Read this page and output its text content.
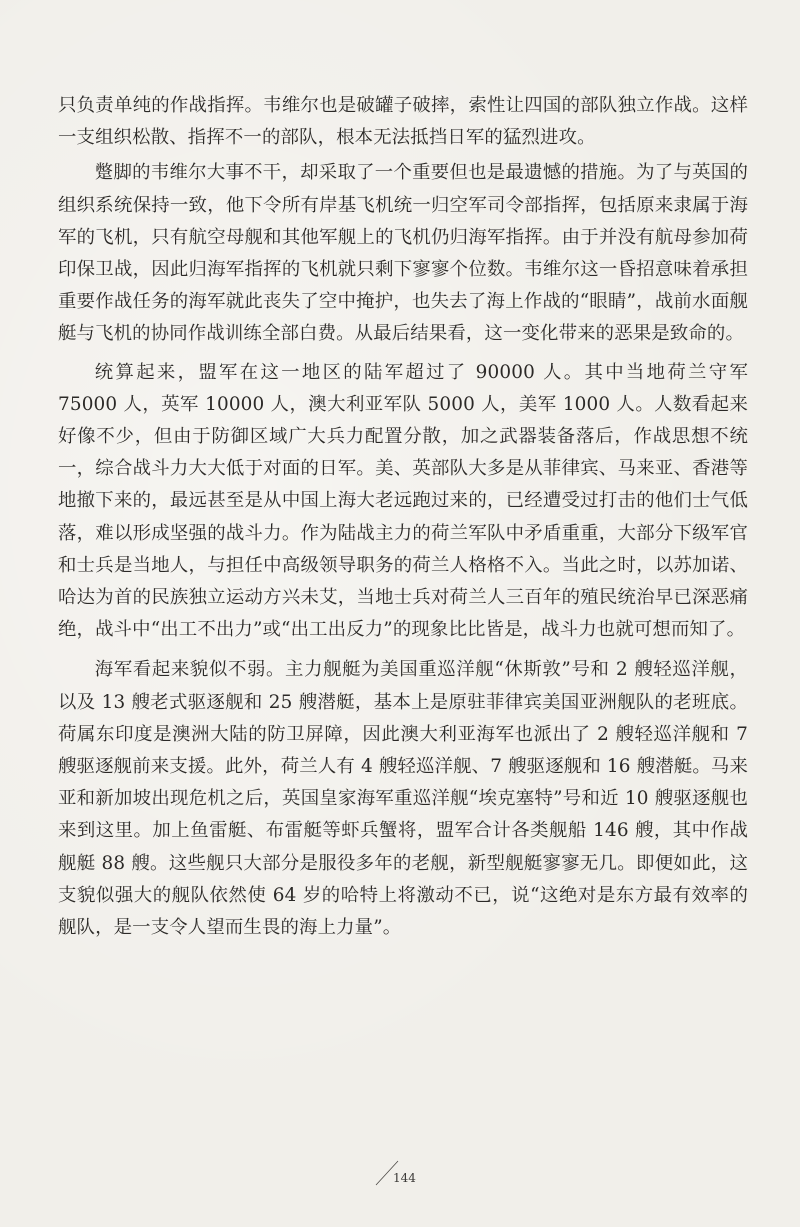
只负责单纯的作战指挥。韦维尔也是破罐子破摔，索性让四国的部队独立作战。这样一支组织松散、指挥不一的部队，根本无法抵挡日军的猛烈进攻。

蹩脚的韦维尔大事不干，却采取了一个重要但也是最遗憾的措施。为了与英国的组织系统保持一致，他下令所有岸基飞机统一归空军司令部指挥，包括原来隶属于海军的飞机，只有航空母舰和其他军舰上的飞机仍归海军指挥。由于并没有航母参加荷印保卫战，因此归海军指挥的飞机就只剩下寥寥个位数。韦维尔这一昏招意味着承担重要作战任务的海军就此丧失了空中掩护，也失去了海上作战的“眼睛”，战前水面舰艇与飞机的协同作战训练全部白费。从最后结果看，这一变化带来的恶果是致命的。

统算起来，盟军在这一地区的陆军超过了 90000 人。其中当地荷兰守军 75000 人，英军 10000 人，澳大利亚军队 5000 人，美军 1000 人。人数看起来好像不少，但由于防御区域广大兵力配置分散，加之武器装备落后，作战思想不统一，综合战斗力大大低于对面的日军。美、英部队大多是从菲律宾、马来亚、香港等地撤下来的，最远甚至是从中国上海大老远跑过来的，已经遭受过打击的他们士气低落，难以形成坚强的战斗力。作为陆战主力的荷兰军队中矛盾重重，大部分下级军官和士兵是当地人，与担任中高级领导职务的荷兰人格格不入。当此之时，以苏加诺、哈达为首的民族独立运动方兴未艾，当地士兵对荷兰人三百年的殖民统治早已深恶痛绝，战斗中“出工不出力”或“出工出反力”的现象比比皆是，战斗力也就可想而知了。

海军看起来貌似不弱。主力舰艇为美国重巡洋舰“休斯敦”号和 2 艘轻巡洋舰，以及 13 艘老式驱逐舰和 25 艘潜艇，基本上是原驻菲律宾美国亚洲舰队的老班底。荷属东印度是澳洲大陆的防卫屏障，因此澳大利亚海军也派出了 2 艘轻巡洋舰和 7 艘驱逐舰前来支援。此外，荷兰人有 4 艘轻巡洋舰、7 艘驱逐舰和 16 艘潜艇。马来亚和新加坡出现危机之后，英国皇家海军重巡洋舰“埃克塞特”号和近 10 艘驱逐舰也来到这里。加上鱼雷艇、布雷艇等虾兵蟹将，盟军合计各类舰船 146 艘，其中作战舰艇 88 艘。这些舰只大部分是服役多年的老舰，新型舰艇寥寥无几。即便如此，这支貌似强大的舰队依然使 64 岁的哈特上将激动不已，说“这绝对是东方最有效率的舰队，是一支令人望而生畏的海上力量”。

144
